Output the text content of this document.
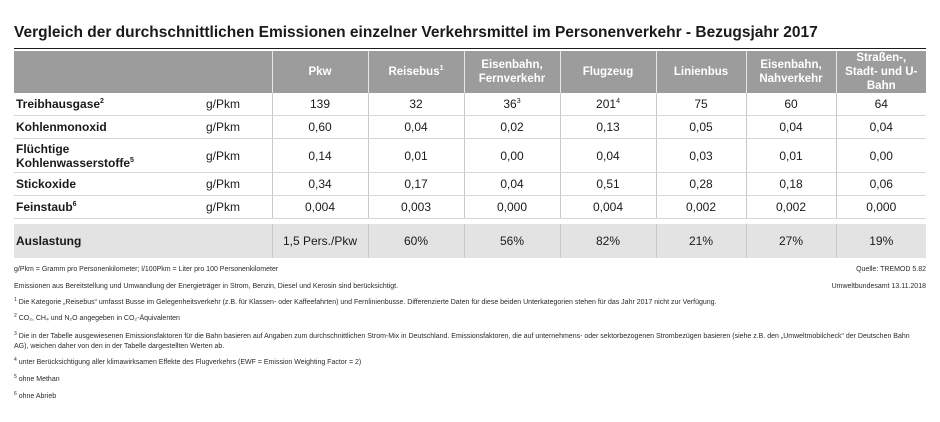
Vergleich der durchschnittlichen Emissionen einzelner Verkehrsmittel im Personenverkehr - Bezugsjahr 2017
		Pkw	Reisebus$^1$	Eisenbahn, Fernverkehr	Flugzeug	Linienbus	Eisenbahn, Nahverkehr	Straßen-, Stadt- und U-Bahn
Treibhausgase$^2$	g/Pkm	139	32	$36^3$	$201^4$	75	60	64
Kohlenmonoxid	g/Pkm	0,60	0,04	0,02	0,13	0,05	0,04	0,04
Flüchtige Kohlenwasserstoffe$^5$	g/Pkm	0,14	0,01	0,00	0,04	0,03	0,01	0,00
Stickoxide	g/Pkm	0,34	0,17	0,04	0,51	0,28	0,18	0,06
Feinstaub$^6$	g/Pkm	0,004	0,003	0,000	0,004	0,002	0,002	0,000

Auslastung		1,5 Pers./Pkw	60%	56%	82%	21%	27%	19%
g/Pkm = Gramm pro Personenkilometer; l/100Pkm = Liter pro 100 Personenkilometer	Quelle: TREMOD 5.82
Emissionen aus Bereitstellung und Umwandlung der Energieträger in Strom, Benzin, Diesel und Kerosin sind berücksichtigt.	Umweltbundesamt 13.11.2018
$^1$ Die Kategorie „Reisebus“ umfasst Busse im Gelegenheitsverkehr (z.B. für Klassen- oder Kaffeefahrten) und Fernlinienbusse. Differenzierte Daten für diese beiden Unterkategorien stehen für das Jahr 2017 nicht zur Verfügung.
$^2$ CO₂, CH₄ und N₂O angegeben in CO₂-Äquivalenten
$^3$ Die in der Tabelle ausgewiesenen Emissionsfaktoren für die Bahn basieren auf Angaben zum durchschnittlichen Strom-Mix in Deutschland. Emissionsfaktoren, die auf unternehmens- oder sektorbezogenen Strombezügen basieren (siehe z.B. den „Umweltmobilcheck“ der Deutschen Bahn AG), weichen daher von den in der Tabelle dargestellten Werten ab.
$^4$ unter Berücksichtigung aller klimawirksamen Effekte des Flugverkehrs (EWF = Emission Weighting Factor = 2)
$^5$ ohne Methan
$^6$ ohne Abrieb
